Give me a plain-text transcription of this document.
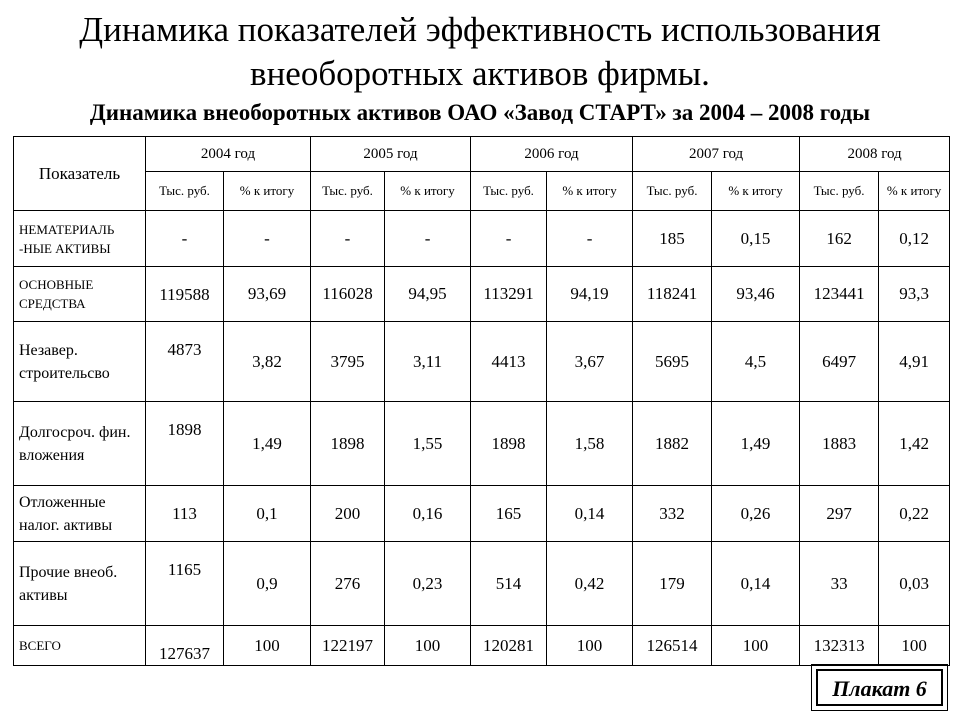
Динамика показателей эффективность использования внеоборотных активов фирмы.
Динамика внеоборотных активов ОАО «Завод СТАРТ» за 2004 – 2008 годы
Показатель	2004 год		2005 год		2006 год		2007 год		2008 год	
	Тыс. руб.	% к итогу	Тыс. руб.	% к итогу	Тыс. руб.	% к итогу	Тыс. руб.	% к итогу	Тыс. руб.	% к итогу
НЕМАТЕРИАЛЬ -НЫЕ АКТИВЫ	-	-	-	-	-	-	185	0,15	162	0,12
ОСНОВНЫЕ СРЕДСТВА	119588	93,69	116028	94,95	113291	94,19	118241	93,46	123441	93,3
Незавер. строительсво	4873	3,82	3795	3,11	4413	3,67	5695	4,5	6497	4,91
Долгосроч. фин. вложения	1898	1,49	1898	1,55	1898	1,58	1882	1,49	1883	1,42
Отложенные налог. активы	113	0,1	200	0,16	165	0,14	332	0,26	297	0,22
Прочие внеоб. активы	1165	0,9	276	0,23	514	0,42	179	0,14	33	0,03
ВСЕГО	127637	100	122197	100	120281	100	126514	100	132313	100
Плакат 6
